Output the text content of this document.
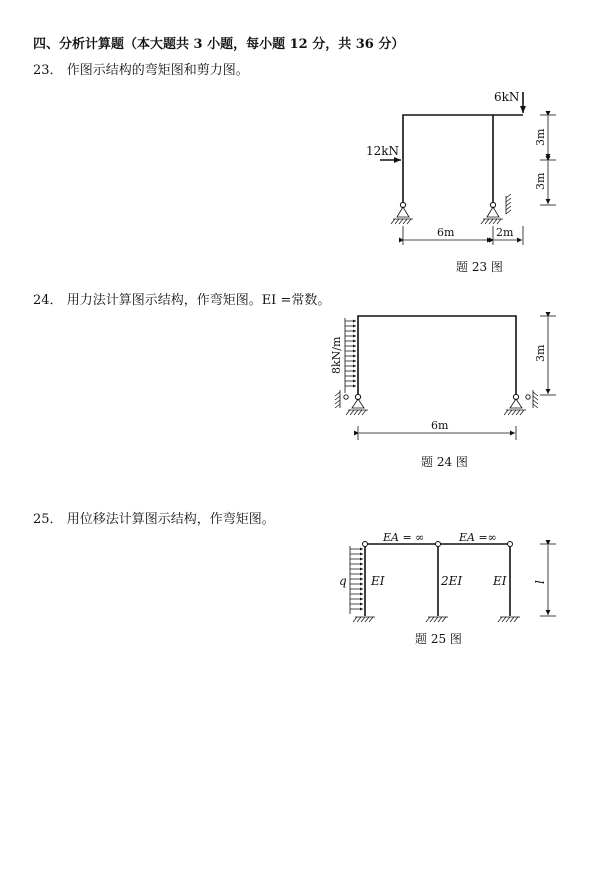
四、分析计算题（本大题共 3 小题，每小题 12 分，共 36 分）
23． 作图示结构的弯矩图和剪力图。
24． 用力法计算图示结构，作弯矩图。EI =常数。
25． 用位移法计算图示结构，作弯矩图。
6kN
12kN
6m	2m
3m
3m
题 23 图
8kN/m
6m
3m
题 24 图
q
EA = ∞	EA =∞
EI	2EI	EI l
题 25 图
